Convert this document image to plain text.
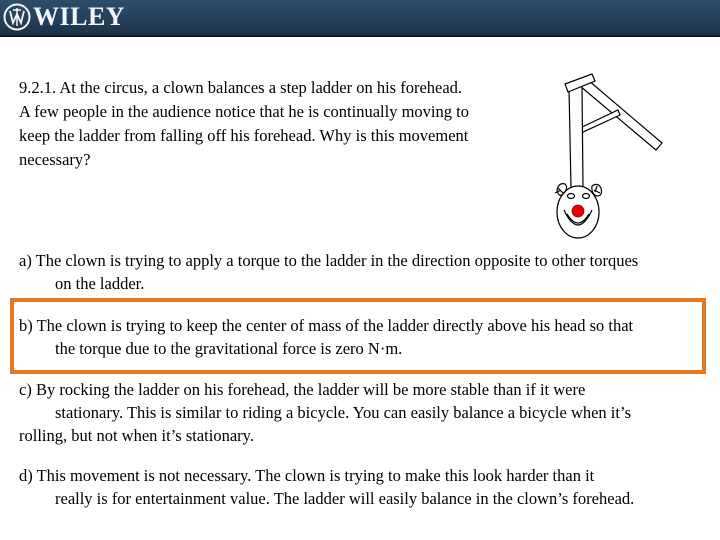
WILEY
9.2.1. At the circus, a clown balances a step ladder on his forehead.
A few people in the audience notice that he is continually moving to
keep the ladder from falling off his forehead. Why is this movement
necessary?
a) The clown is trying to apply a torque to the ladder in the direction opposite to other torques
on the ladder.
b) The clown is trying to keep the center of mass of the ladder directly above his head so that
the torque due to the gravitational force is zero N·m.
c) By rocking the ladder on his forehead, the ladder will be more stable than if it were
stationary. This is similar to riding a bicycle. You can easily balance a bicycle when it’s
rolling, but not when it’s stationary.
d) This movement is not necessary. The clown is trying to make this look harder than it
really is for entertainment value. The ladder will easily balance in the clown’s forehead.
